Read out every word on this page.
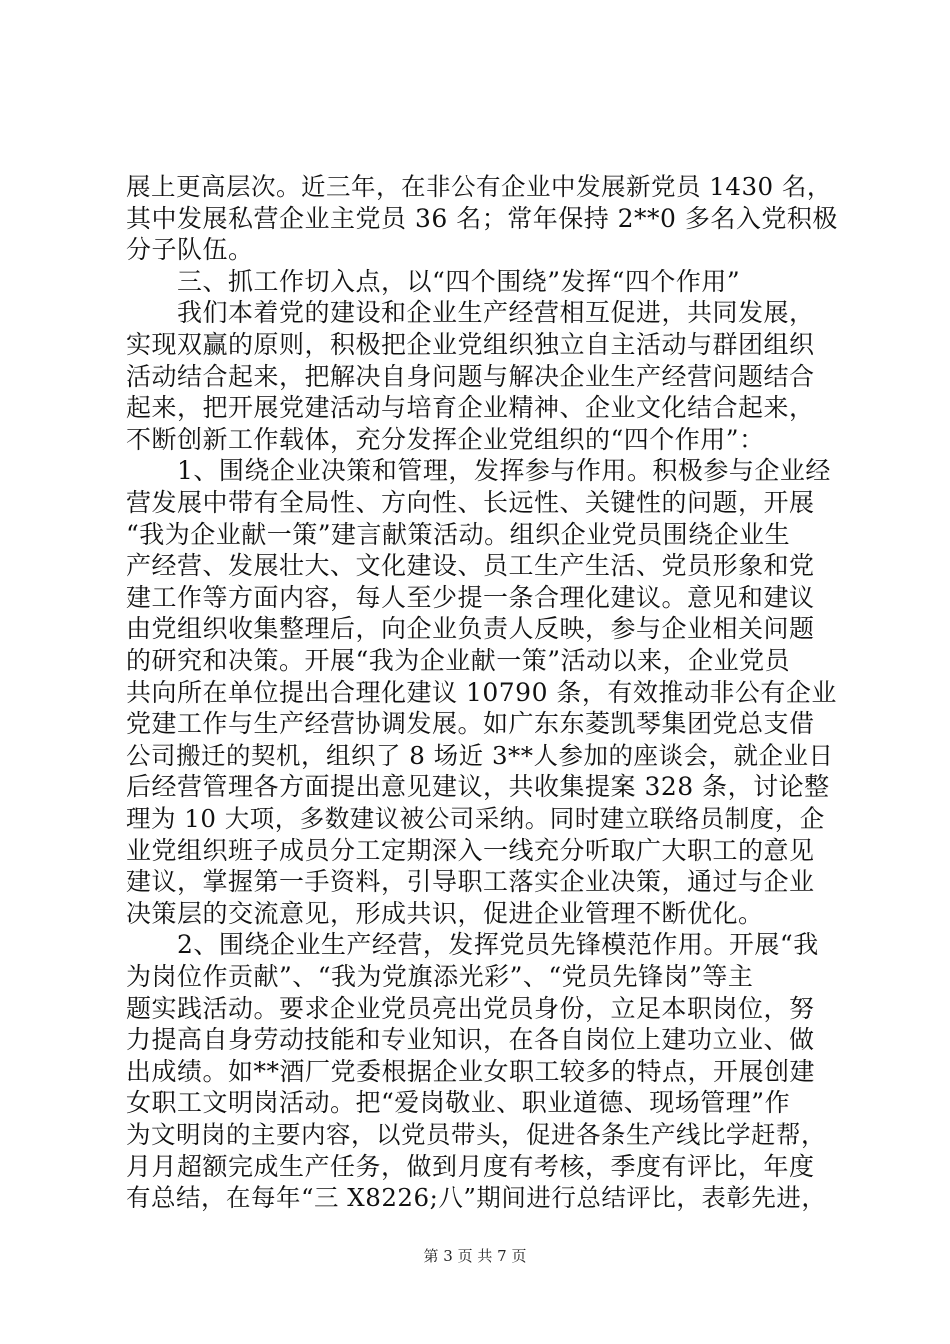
展上更高层次。近三年，在非公有企业中发展新党员 1430 名，
其中发展私营企业主党员 36 名；常年保持 2**0 多名入党积极
分子队伍。
　　三、抓工作切入点，以“四个围绕”发挥“四个作用”
　　我们本着党的建设和企业生产经营相互促进，共同发展，
实现双赢的原则，积极把企业党组织独立自主活动与群团组织
活动结合起来，把解决自身问题与解决企业生产经营问题结合
起来，把开展党建活动与培育企业精神、企业文化结合起来，
不断创新工作载体，充分发挥企业党组织的“四个作用”：
　　1、围绕企业决策和管理，发挥参与作用。积极参与企业经
营发展中带有全局性、方向性、长远性、关键性的问题，开展
“我为企业献一策”建言献策活动。组织企业党员围绕企业生
产经营、发展壮大、文化建设、员工生产生活、党员形象和党
建工作等方面内容，每人至少提一条合理化建议。意见和建议
由党组织收集整理后，向企业负责人反映，参与企业相关问题
的研究和决策。开展“我为企业献一策”活动以来，企业党员
共向所在单位提出合理化建议 10790 条，有效推动非公有企业
党建工作与生产经营协调发展。如广东东菱凯琴集团党总支借
公司搬迁的契机，组织了 8 场近 3**人参加的座谈会，就企业日
后经营管理各方面提出意见建议，共收集提案 328 条，讨论整
理为 10 大项，多数建议被公司采纳。同时建立联络员制度，企
业党组织班子成员分工定期深入一线充分听取广大职工的意见
建议，掌握第一手资料，引导职工落实企业决策，通过与企业
决策层的交流意见，形成共识，促进企业管理不断优化。
　　2、围绕企业生产经营，发挥党员先锋模范作用。开展“我
为岗位作贡献”、“我为党旗添光彩”、“党员先锋岗”等主
题实践活动。要求企业党员亮出党员身份，立足本职岗位，努
力提高自身劳动技能和专业知识，在各自岗位上建功立业、做
出成绩。如**酒厂党委根据企业女职工较多的特点，开展创建
女职工文明岗活动。把“爱岗敬业、职业道德、现场管理”作
为文明岗的主要内容，以党员带头，促进各条生产线比学赶帮，
月月超额完成生产任务，做到月度有考核，季度有评比，年度
有总结，在每年“三 X8226;八”期间进行总结评比，表彰先进，
第 3 页 共 7 页
